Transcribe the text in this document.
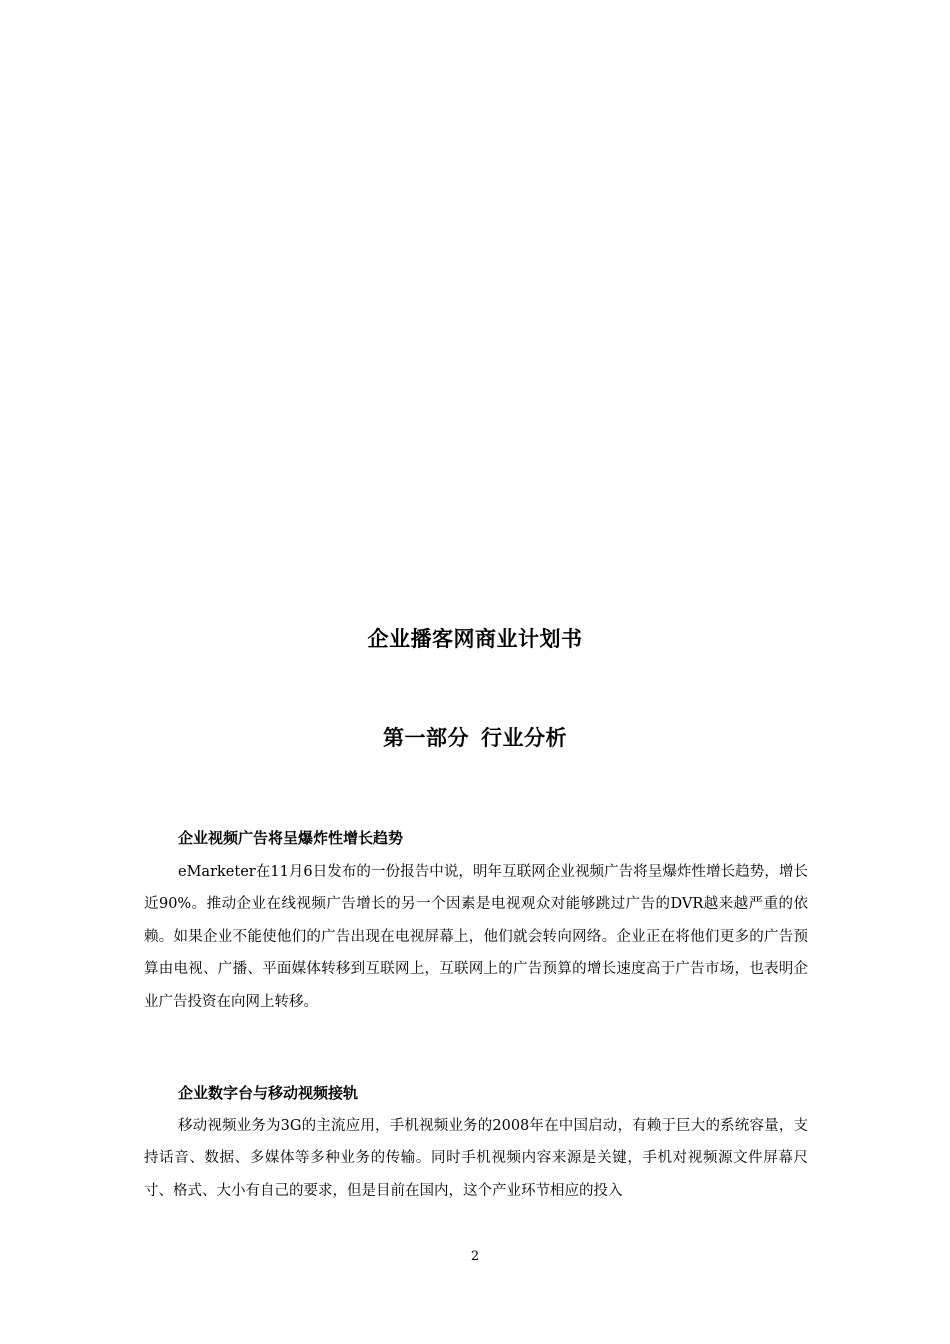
企业播客网商业计划书
第一部分 行业分析
企业视频广告将呈爆炸性增长趋势

eMarketer在11月6日发布的一份报告中说，明年互联网企业视频广告将呈爆炸性增长趋势，增长近90%。推动企业在线视频广告增长的另一个因素是电视观众对能够跳过广告的DVR越来越严重的依赖。如果企业不能使他们的广告出现在电视屏幕上，他们就会转向网络。企业正在将他们更多的广告预算由电视、广播、平面媒体转移到互联网上，互联网上的广告预算的增长速度高于广告市场，也表明企业广告投资在向网上转移。

企业数字台与移动视频接轨

移动视频业务为3G的主流应用，手机视频业务的2008年在中国启动，有赖于巨大的系统容量，支持话音、数据、多媒体等多种业务的传输。同时手机视频内容来源是关键，手机对视频源文件屏幕尺寸、格式、大小有自己的要求，但是目前在国内，这个产业环节相应的投入

2
